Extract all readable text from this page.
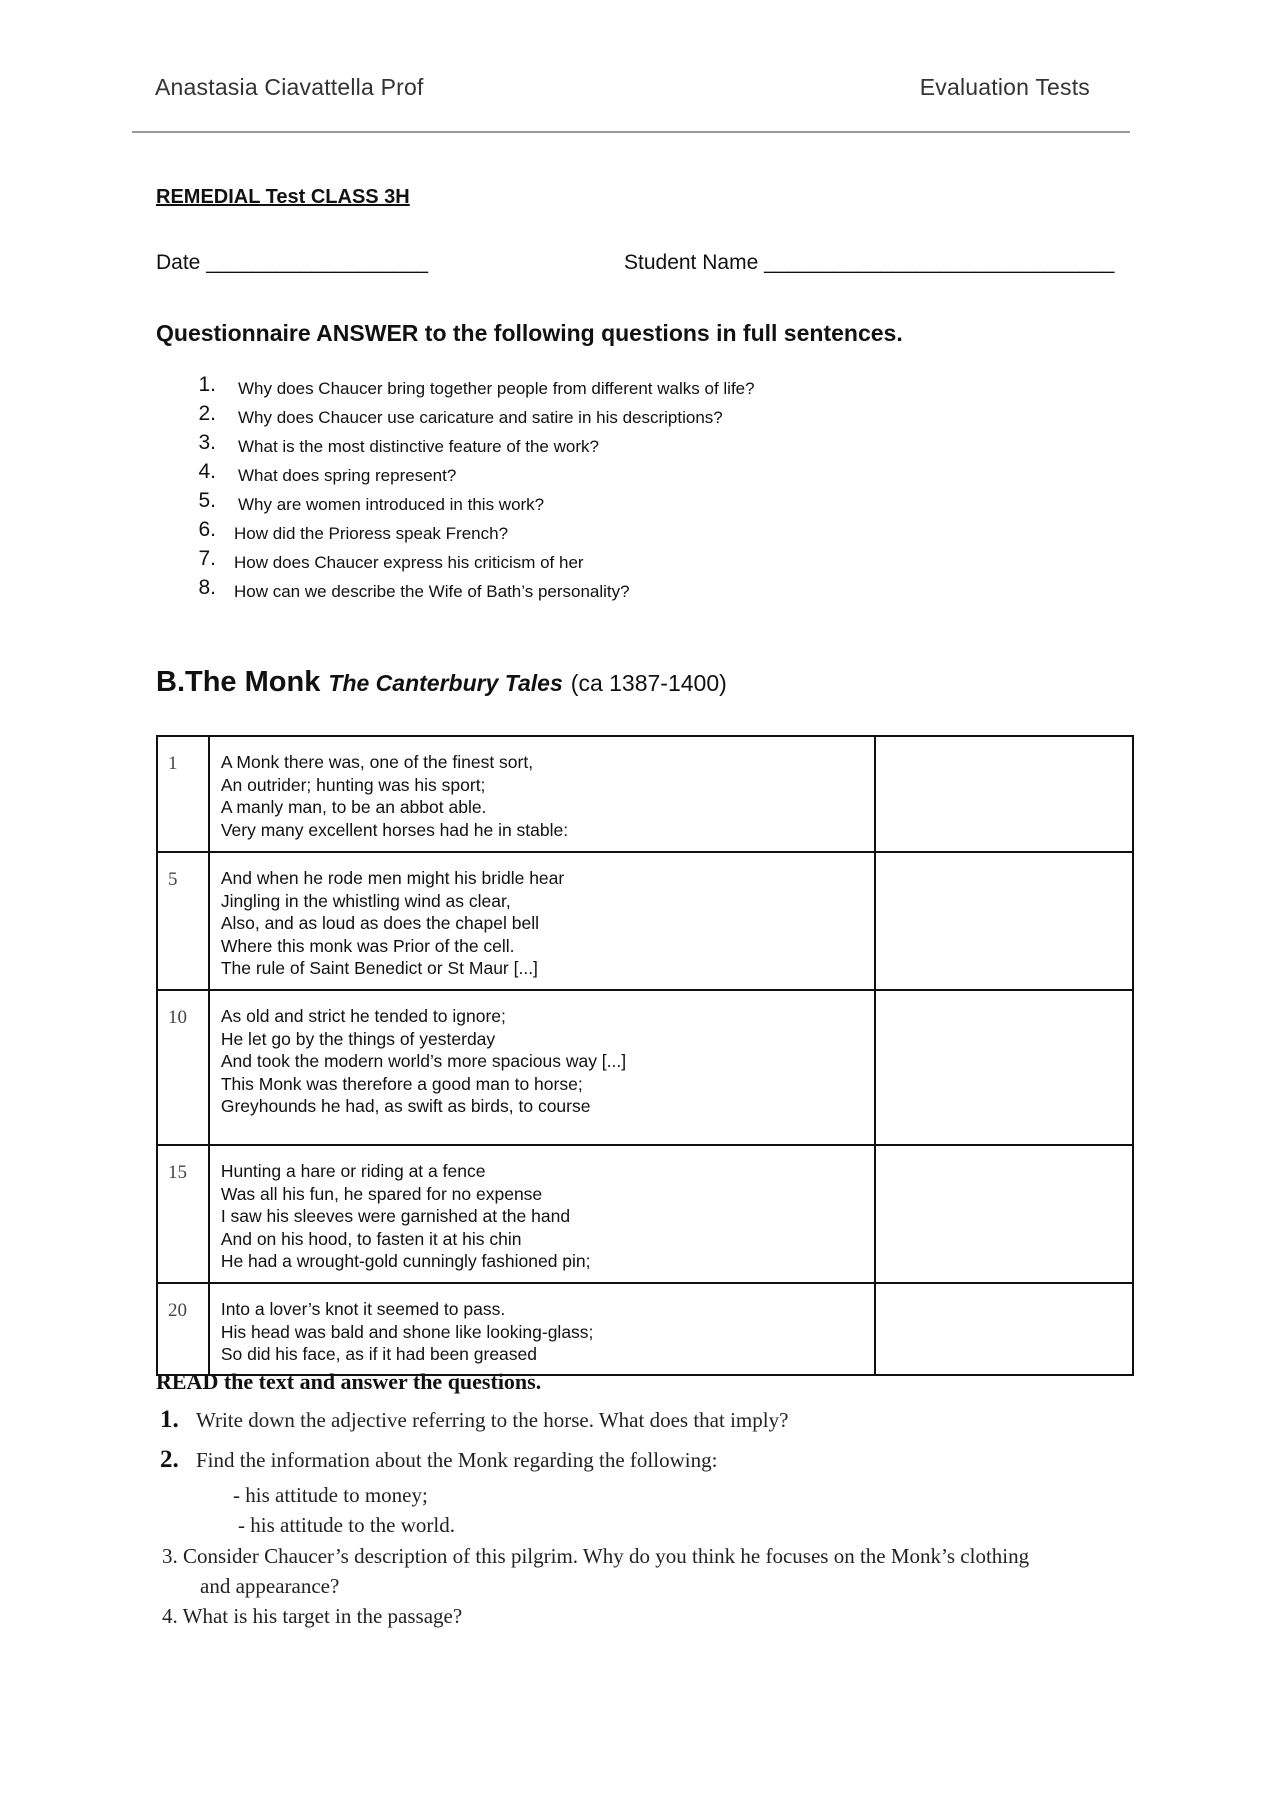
Anastasia Ciavattella Prof	Evaluation Tests
REMEDIAL Test CLASS 3H
Date ___________________	Student Name ______________________________
Questionnaire ANSWER to the following questions in full sentences.
1. Why does Chaucer bring together people from different walks of life?
2. Why does Chaucer use caricature and satire in his descriptions?
3. What is the most distinctive feature of the work?
4. What does spring represent?
5. Why are women introduced in this work?
6. How did the Prioress speak French?
7. How does Chaucer express his criticism of her
8. How can we describe the Wife of Bath’s personality?
B.The Monk The Canterbury Tales (ca 1387-1400)
1	A Monk there was, one of the finest sort,
An outrider; hunting was his sport;
A manly man, to be an abbot able.
Very many excellent horses had he in stable:	

5	And when he rode men might his bridle hear
Jingling in the whistling wind as clear,
Also, and as loud as does the chapel bell
Where this monk was Prior of the cell.
The rule of Saint Benedict or St Maur [...]	

10	As old and strict he tended to ignore;
He let go by the things of yesterday
And took the modern world’s more spacious way [...]
This Monk was therefore a good man to horse;
Greyhounds he had, as swift as birds, to course	

15	Hunting a hare or riding at a fence
Was all his fun, he spared for no expense
I saw his sleeves were garnished at the hand
And on his hood, to fasten it at his chin
He had a wrought-gold cunningly fashioned pin;	

20	Into a lover’s knot it seemed to pass.
His head was bald and shone like looking-glass;
So did his face, as if it had been greased	

READ the text and answer the questions.
1. Write down the adjective referring to the horse. What does that imply?
2. Find the information about the Monk regarding the following:
- his attitude to money;
- his attitude to the world.
3. Consider Chaucer’s description of this pilgrim. Why do you think he focuses on the Monk’s clothing
and appearance?
4. What is his target in the passage?
